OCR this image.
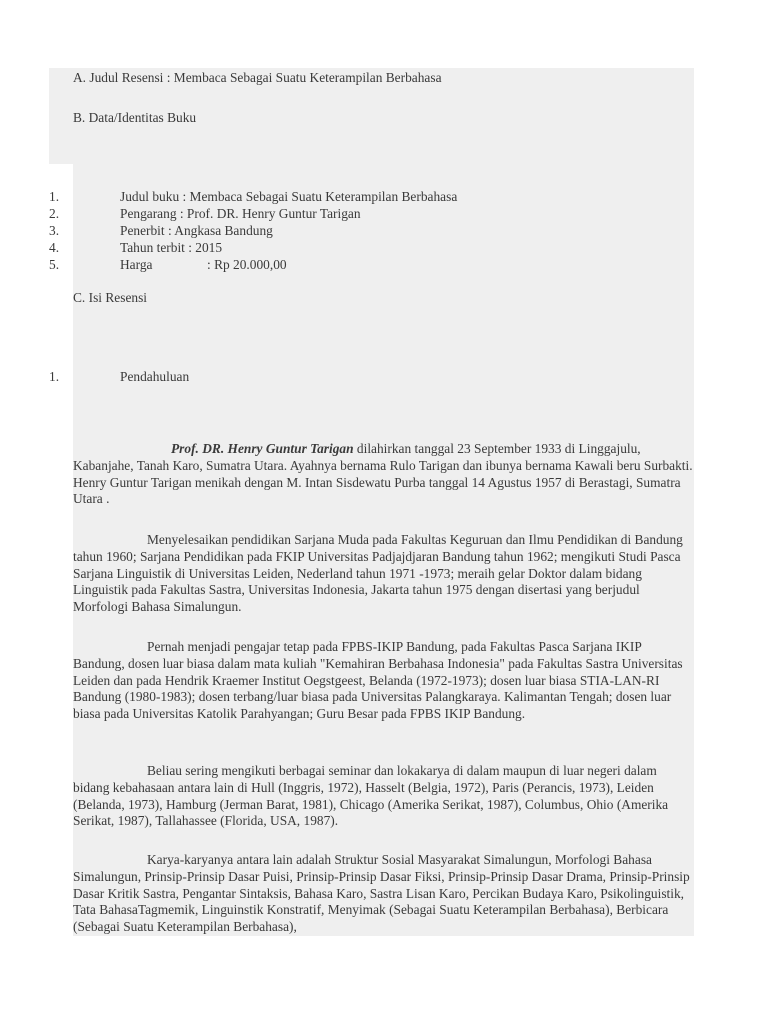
A. Judul Resensi : Membaca Sebagai Suatu Keterampilan Berbahasa
B. Data/Identitas Buku
1.	Judul buku : Membaca Sebagai Suatu Keterampilan Berbahasa
2.	Pengarang : Prof. DR. Henry Guntur Tarigan
3.	Penerbit : Angkasa Bandung
4.	Tahun terbit : 2015
5.	Harga	: Rp 20.000,00
C. Isi Resensi
1.	Pendahuluan
Prof. DR. Henry Guntur Tarigan dilahirkan tanggal 23 September 1933 di Linggajulu, Kabanjahe, Tanah Karo, Sumatra Utara. Ayahnya bernama Rulo Tarigan dan ibunya bernama Kawali beru Surbakti. Henry Guntur Tarigan menikah dengan M. Intan Sisdewatu Purba tanggal 14 Agustus 1957 di Berastagi, Sumatra Utara .
Menyelesaikan pendidikan Sarjana Muda pada Fakultas Keguruan dan Ilmu Pendidikan di Bandung tahun 1960; Sarjana Pendidikan pada FKIP Universitas Padjajdjaran Bandung tahun 1962; mengikuti Studi Pasca Sarjana Linguistik di Universitas Leiden, Nederland tahun 1971 -1973; meraih gelar Doktor dalam bidang Linguistik pada Fakultas Sastra, Universitas Indonesia, Jakarta tahun 1975 dengan disertasi yang berjudul Morfologi Bahasa Simalungun.
Pernah menjadi pengajar tetap pada FPBS-IKIP Bandung, pada Fakultas Pasca Sarjana IKIP Bandung, dosen luar biasa dalam mata kuliah "Kemahiran Berbahasa Indonesia" pada Fakultas Sastra Universitas Leiden dan pada Hendrik Kraemer Institut Oegstgeest, Belanda (1972-1973); dosen luar biasa STIA-LAN-RI Bandung (1980-1983); dosen terbang/luar biasa pada Universitas Palangkaraya. Kalimantan Tengah; dosen luar biasa pada Universitas Katolik Parahyangan; Guru Besar pada FPBS IKIP Bandung.
Beliau sering mengikuti berbagai seminar dan lokakarya di dalam maupun di luar negeri dalam bidang kebahasaan antara lain di Hull (Inggris, 1972), Hasselt (Belgia, 1972), Paris (Perancis, 1973), Leiden (Belanda, 1973), Hamburg (Jerman Barat, 1981), Chicago (Amerika Serikat, 1987), Columbus, Ohio (Amerika Serikat, 1987), Tallahassee (Florida, USA, 1987).
Karya-karyanya antara lain adalah Struktur Sosial Masyarakat Simalungun, Morfologi Bahasa Simalungun, Prinsip-Prinsip Dasar Puisi, Prinsip-Prinsip Dasar Fiksi, Prinsip-Prinsip Dasar Drama, Prinsip-Prinsip Dasar Kritik Sastra, Pengantar Sintaksis, Bahasa Karo, Sastra Lisan Karo, Percikan Budaya Karo, Psikolinguistik, Tata BahasaTagmemik, Linguinstik Konstratif, Menyimak (Sebagai Suatu Keterampilan Berbahasa), Berbicara (Sebagai Suatu Keterampilan Berbahasa),
